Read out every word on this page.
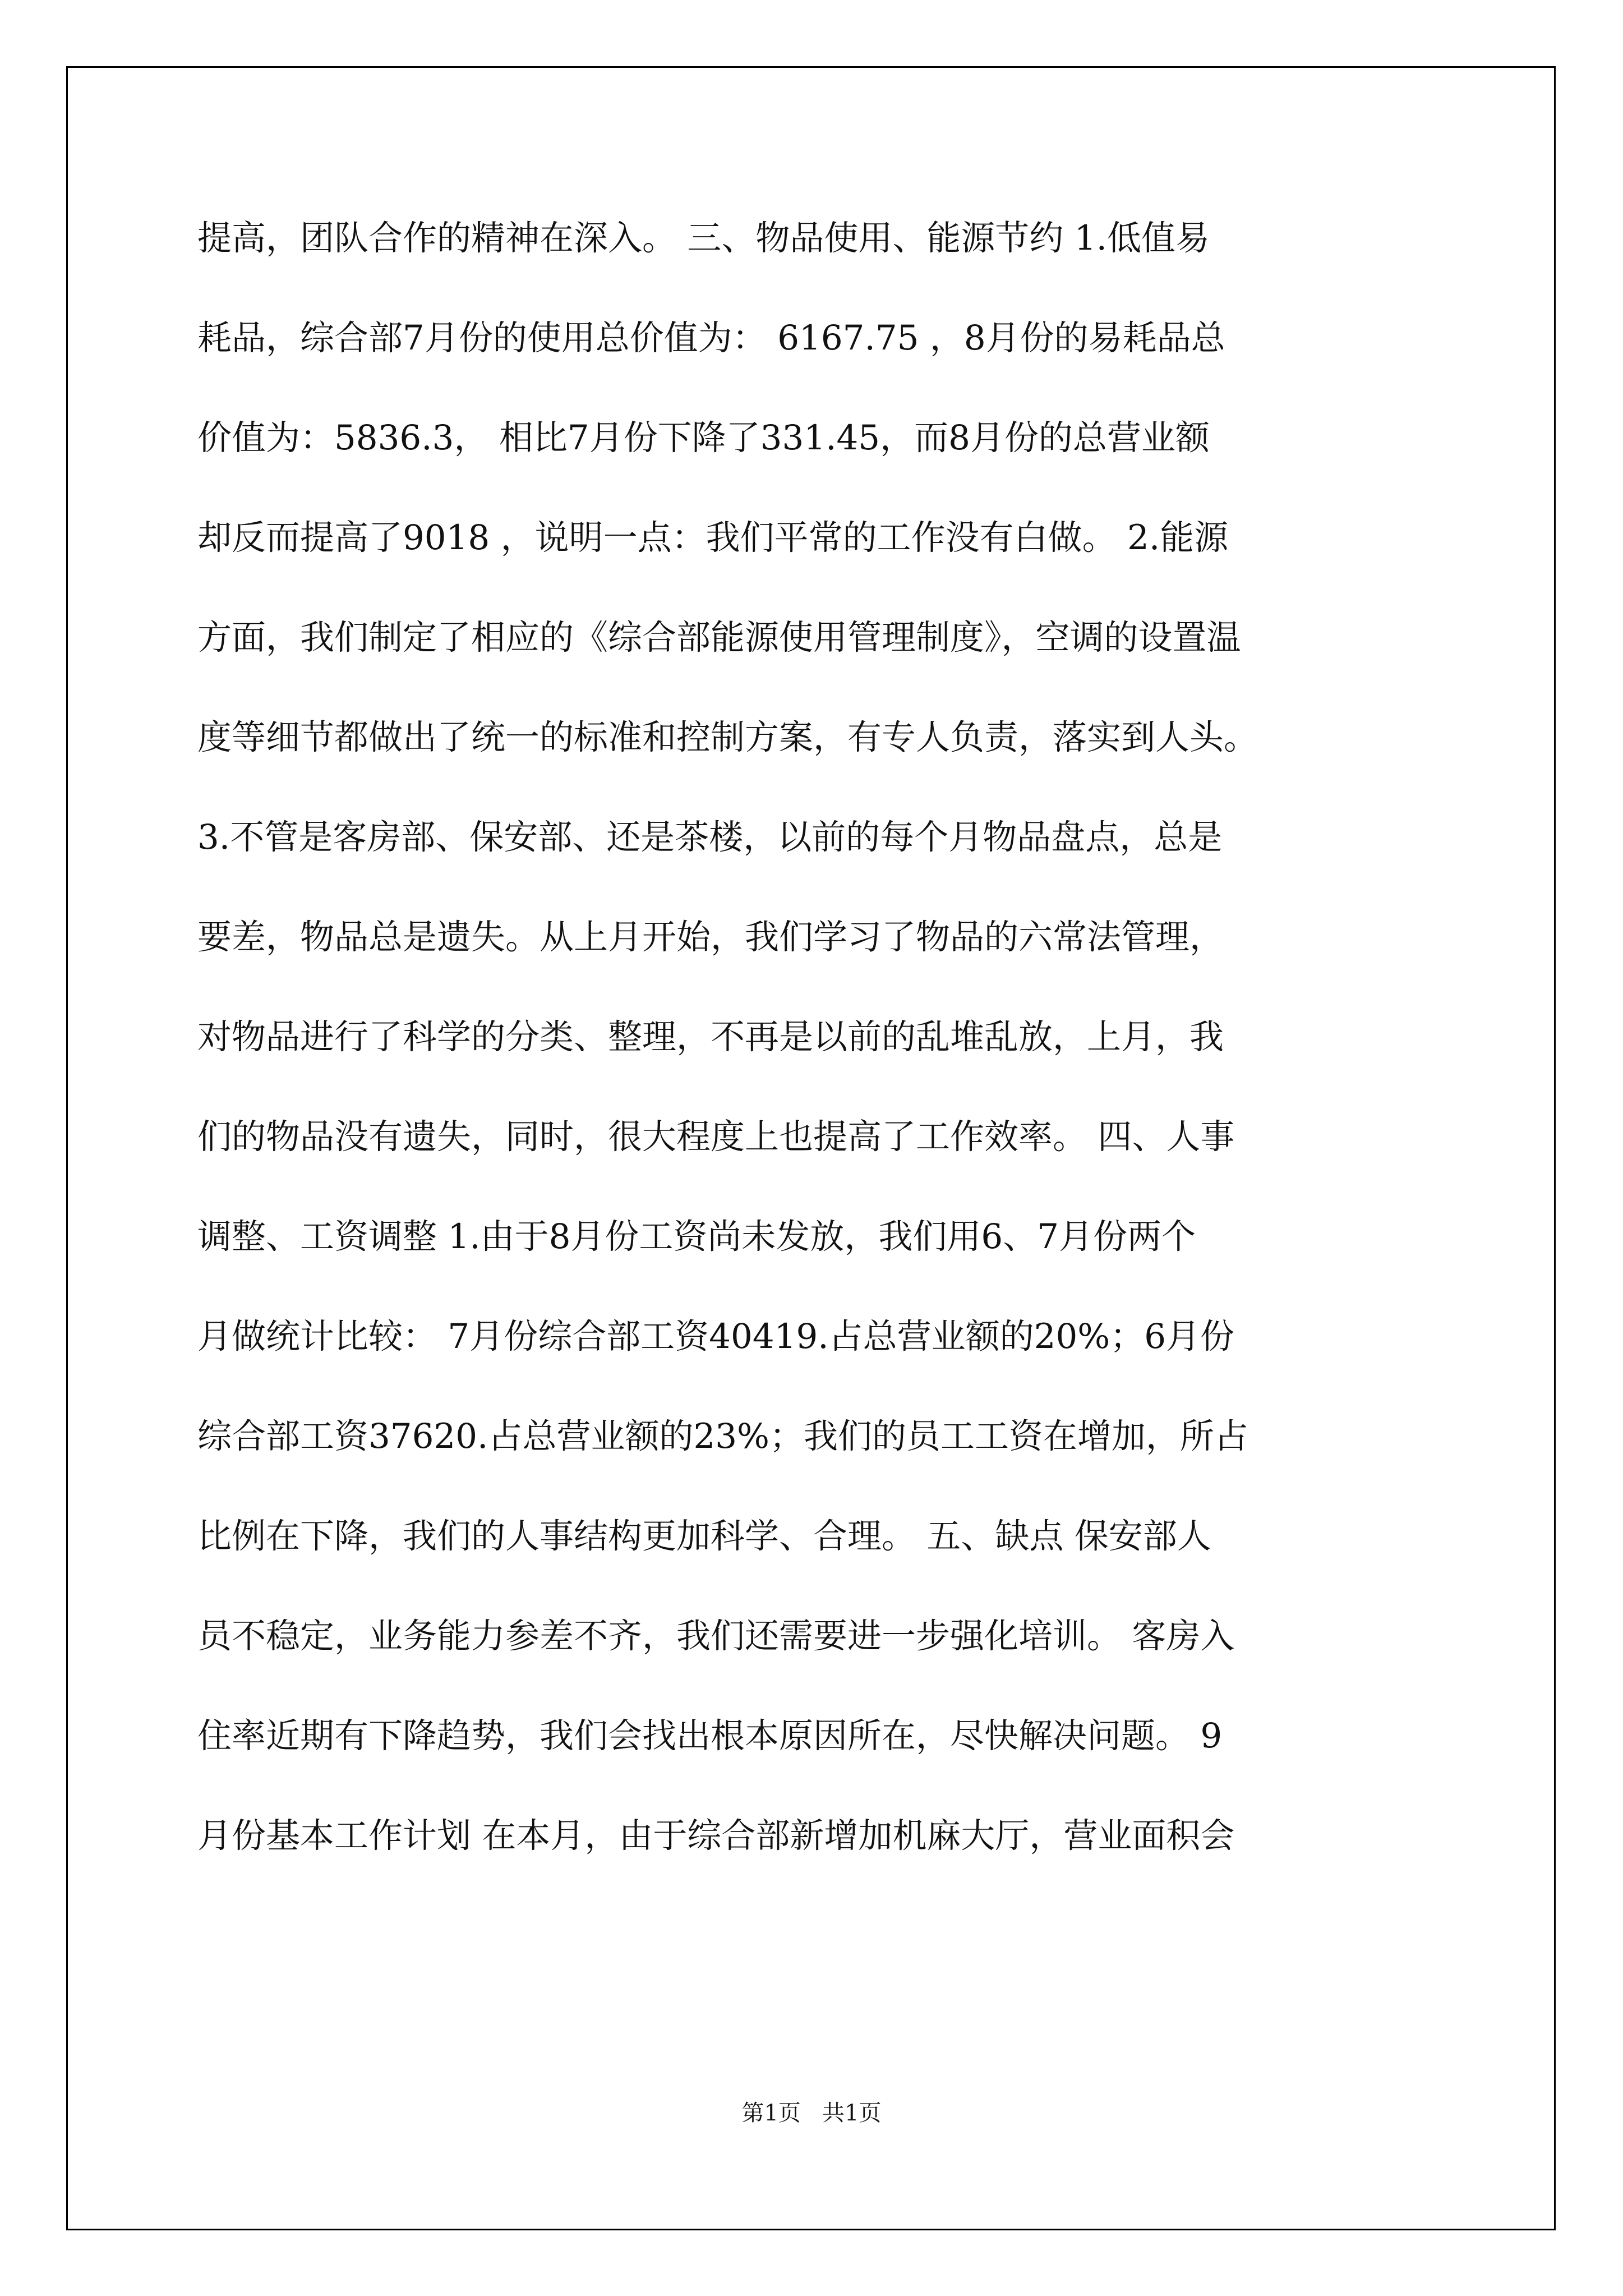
提高，团队合作的精神在深入。 三、物品使用、能源节约 1.低值易
耗品，综合部7月份的使用总价值为： 6167.75 ，8月份的易耗品总
价值为：5836.3， 相比7月份下降了331.45，而8月份的总营业额
却反而提高了9018 ，说明一点：我们平常的工作没有白做。 2.能源
方面，我们制定了相应的《综合部能源使用管理制度》，空调的设置温
度等细节都做出了统一的标准和控制方案，有专人负责，落实到人头。
3.不管是客房部、保安部、还是茶楼，以前的每个月物品盘点，总是
要差，物品总是遗失。从上月开始，我们学习了物品的六常法管理，
对物品进行了科学的分类、整理，不再是以前的乱堆乱放，上月，我
们的物品没有遗失，同时，很大程度上也提高了工作效率。 四、人事
调整、工资调整 1.由于8月份工资尚未发放，我们用6、7月份两个
月做统计比较： 7月份综合部工资40419.占总营业额的20%；6月份
综合部工资37620.占总营业额的23%；我们的员工工资在增加，所占
比例在下降，我们的人事结构更加科学、合理。 五、缺点 保安部人
员不稳定，业务能力参差不齐，我们还需要进一步强化培训。 客房入
住率近期有下降趋势，我们会找出根本原因所在，尽快解决问题。 9
月份基本工作计划 在本月，由于综合部新增加机麻大厅，营业面积会
第1页   共1页
